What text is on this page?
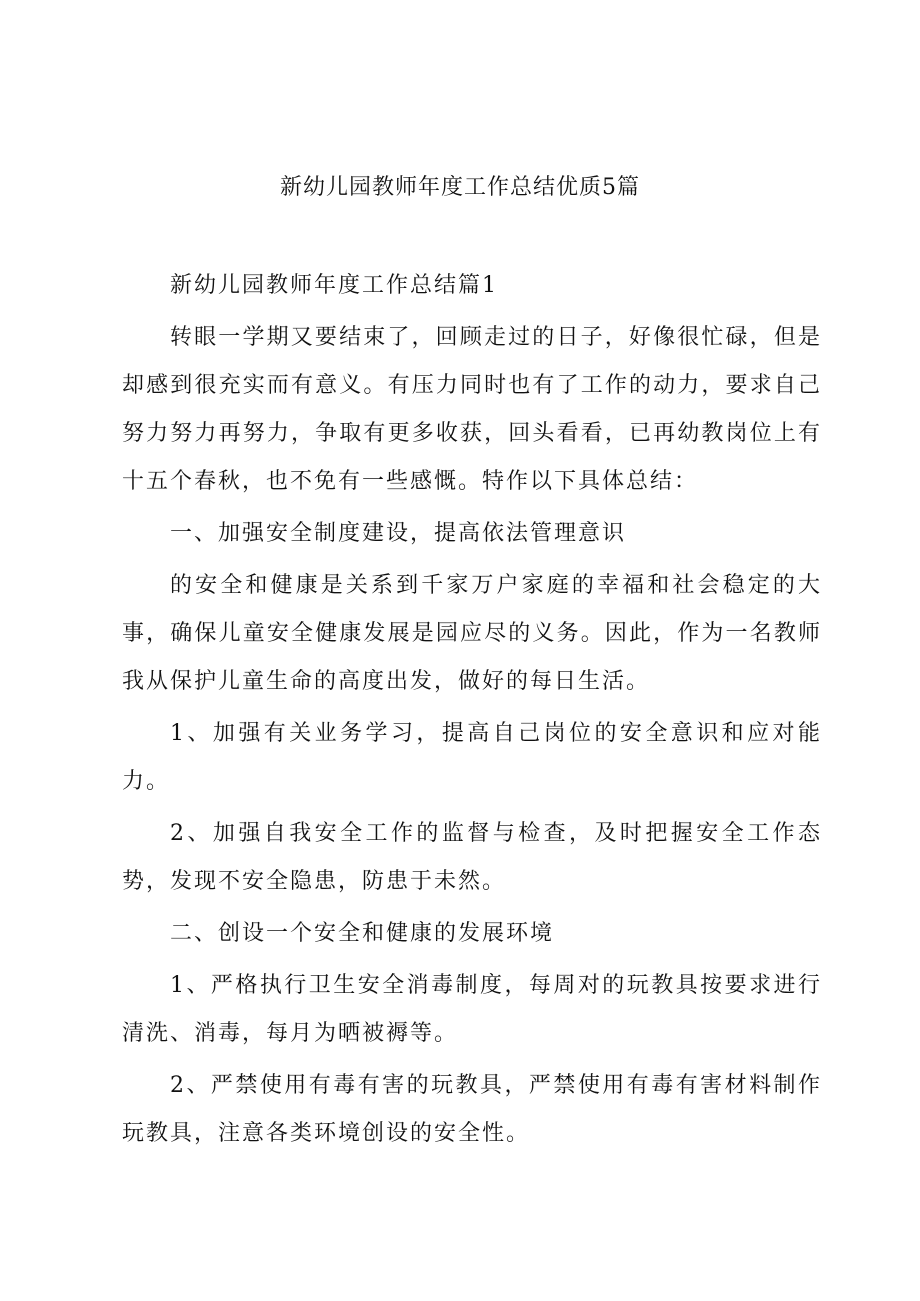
新幼儿园教师年度工作总结优质5篇

新幼儿园教师年度工作总结篇1

转眼一学期又要结束了，回顾走过的日子，好像很忙碌，但是却感到很充实而有意义。有压力同时也有了工作的动力，要求自己努力努力再努力，争取有更多收获，回头看看，已再幼教岗位上有十五个春秋，也不免有一些感慨。特作以下具体总结：

一、加强安全制度建设，提高依法管理意识

的安全和健康是关系到千家万户家庭的幸福和社会稳定的大事，确保儿童安全健康发展是园应尽的义务。因此，作为一名教师我从保护儿童生命的高度出发，做好的每日生活。

1、加强有关业务学习，提高自己岗位的安全意识和应对能力。

2、加强自我安全工作的监督与检查，及时把握安全工作态势，发现不安全隐患，防患于未然。

二、创设一个安全和健康的发展环境

1、严格执行卫生安全消毒制度，每周对的玩教具按要求进行清洗、消毒，每月为晒被褥等。

2、严禁使用有毒有害的玩教具，严禁使用有毒有害材料制作玩教具，注意各类环境创设的安全性。
